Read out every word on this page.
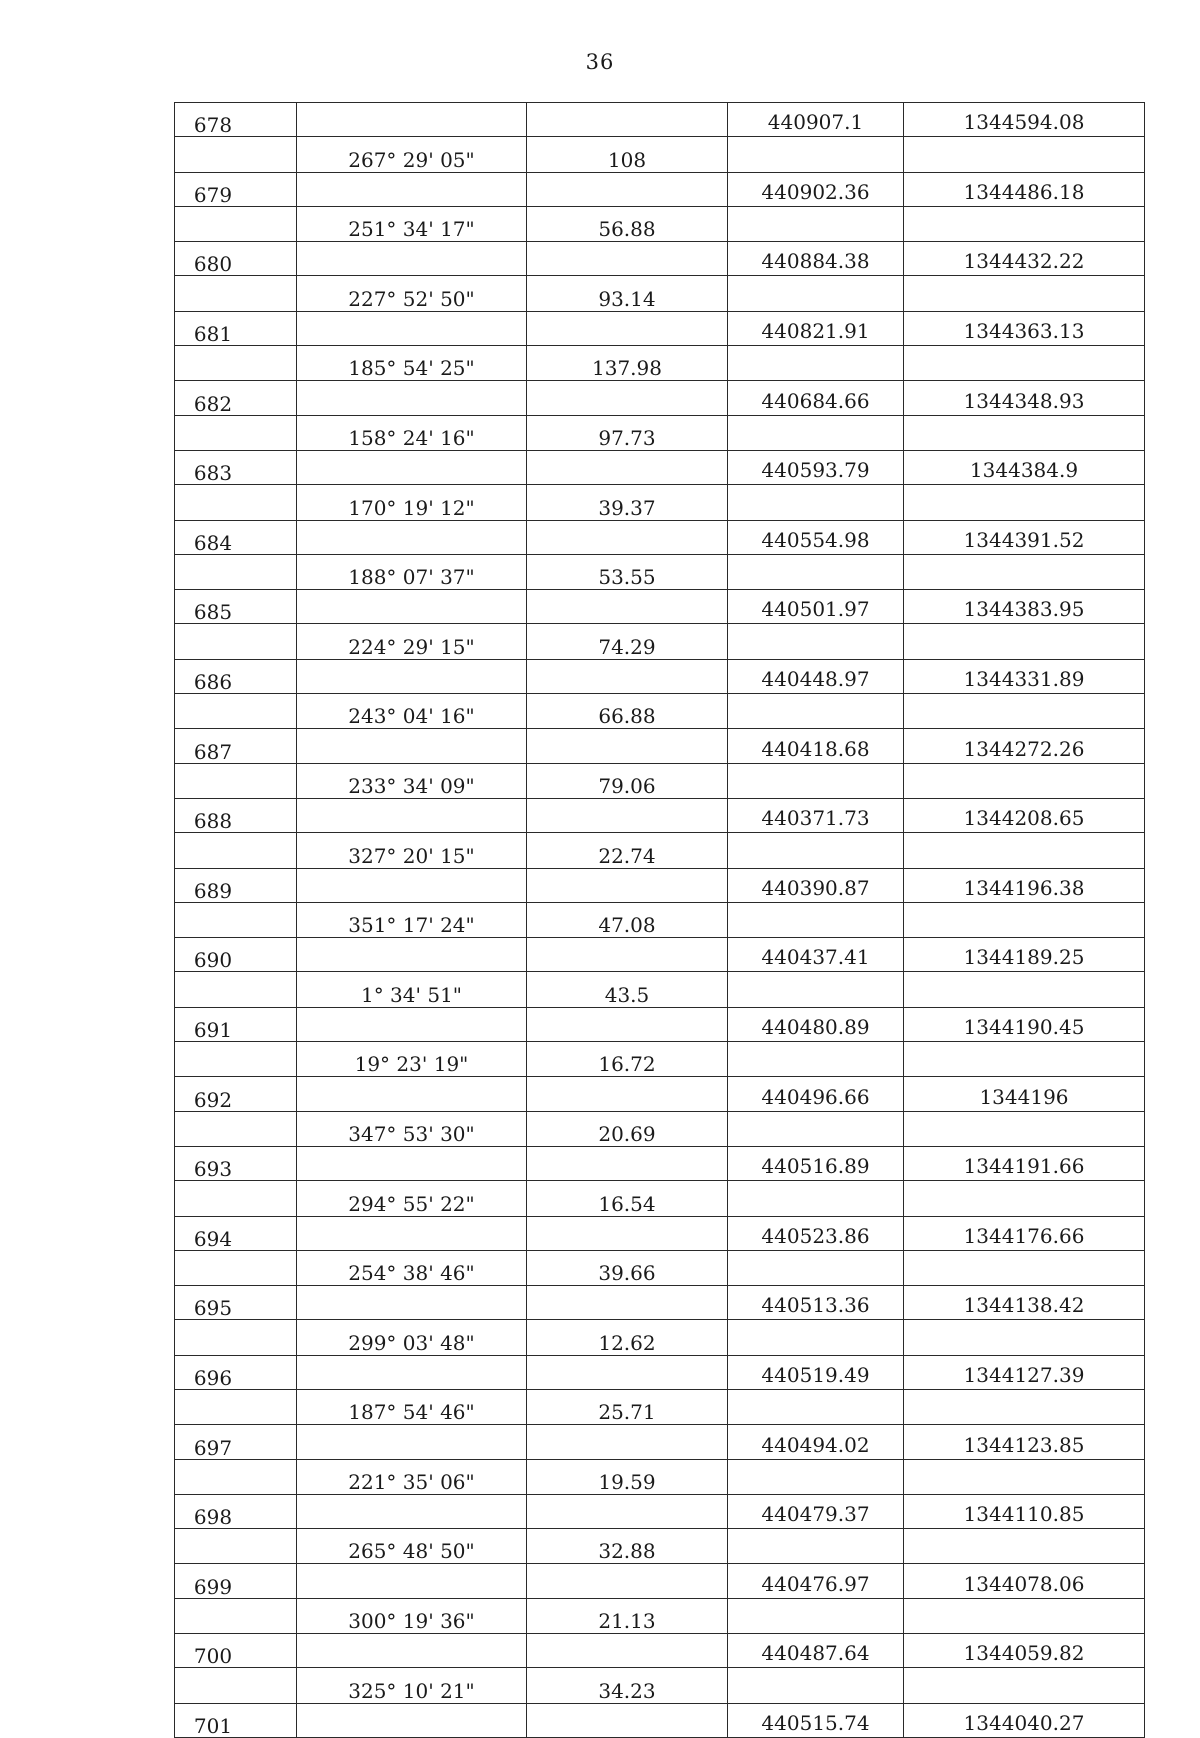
36
678			440907.1	1344594.08
	267° 29' 05"	108		
679			440902.36	1344486.18
	251° 34' 17"	56.88		
680			440884.38	1344432.22
	227° 52' 50"	93.14		
681			440821.91	1344363.13
	185° 54' 25"	137.98		
682			440684.66	1344348.93
	158° 24' 16"	97.73		
683			440593.79	1344384.9
	170° 19' 12"	39.37		
684			440554.98	1344391.52
	188° 07' 37"	53.55		
685			440501.97	1344383.95
	224° 29' 15"	74.29		
686			440448.97	1344331.89
	243° 04' 16"	66.88		
687			440418.68	1344272.26
	233° 34' 09"	79.06		
688			440371.73	1344208.65
	327° 20' 15"	22.74		
689			440390.87	1344196.38
	351° 17' 24"	47.08		
690			440437.41	1344189.25
	1° 34' 51"	43.5		
691			440480.89	1344190.45
	19° 23' 19"	16.72		
692			440496.66	1344196
	347° 53' 30"	20.69		
693			440516.89	1344191.66
	294° 55' 22"	16.54		
694			440523.86	1344176.66
	254° 38' 46"	39.66		
695			440513.36	1344138.42
	299° 03' 48"	12.62		
696			440519.49	1344127.39
	187° 54' 46"	25.71		
697			440494.02	1344123.85
	221° 35' 06"	19.59		
698			440479.37	1344110.85
	265° 48' 50"	32.88		
699			440476.97	1344078.06
	300° 19' 36"	21.13		
700			440487.64	1344059.82
	325° 10' 21"	34.23		
701			440515.74	1344040.27
